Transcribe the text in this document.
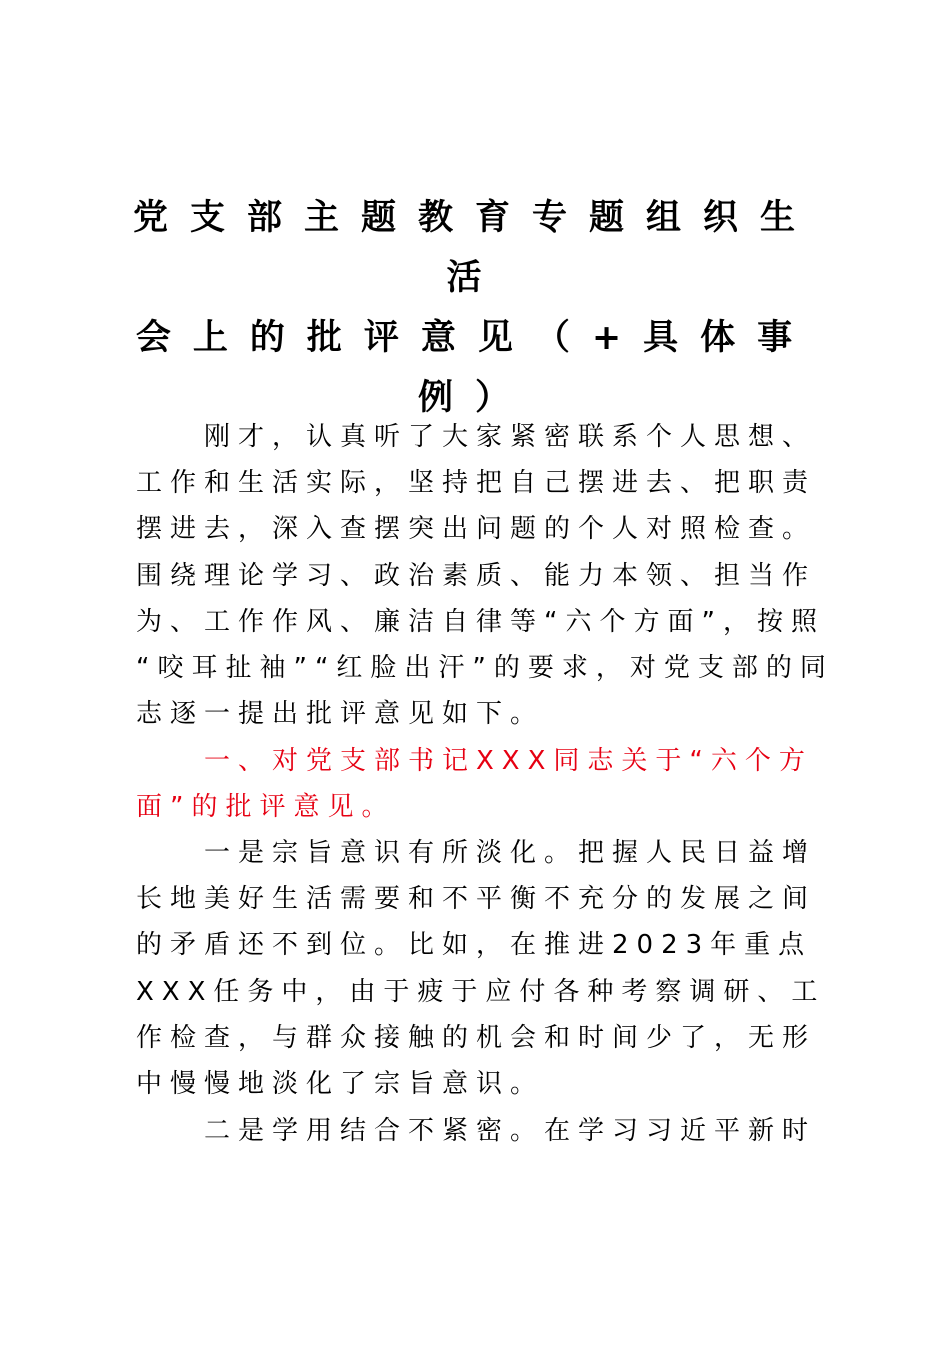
党支部主题教育专题组织生活
会上的批评意见（+具体事
例）

　　刚才，认真听了大家紧密联系个人思想、
工作和生活实际，坚持把自己摆进去、把职责
摆进去，深入查摆突出问题的个人对照检查。
围绕理论学习、政治素质、能力本领、担当作
为、工作作风、廉洁自律等“六个方面”，按照
“咬耳扯袖”“红脸出汗”的要求，对党支部的同
志逐一提出批评意见如下。

　　一、对党支部书记XXX同志关于“六个方
面”的批评意见。

　　一是宗旨意识有所淡化。把握人民日益增
长地美好生活需要和不平衡不充分的发展之间
的矛盾还不到位。比如，在推进2023年重点
XXX任务中，由于疲于应付各种考察调研、工
作检查，与群众接触的机会和时间少了，无形
中慢慢地淡化了宗旨意识。

　　二是学用结合不紧密。在学习习近平新时
